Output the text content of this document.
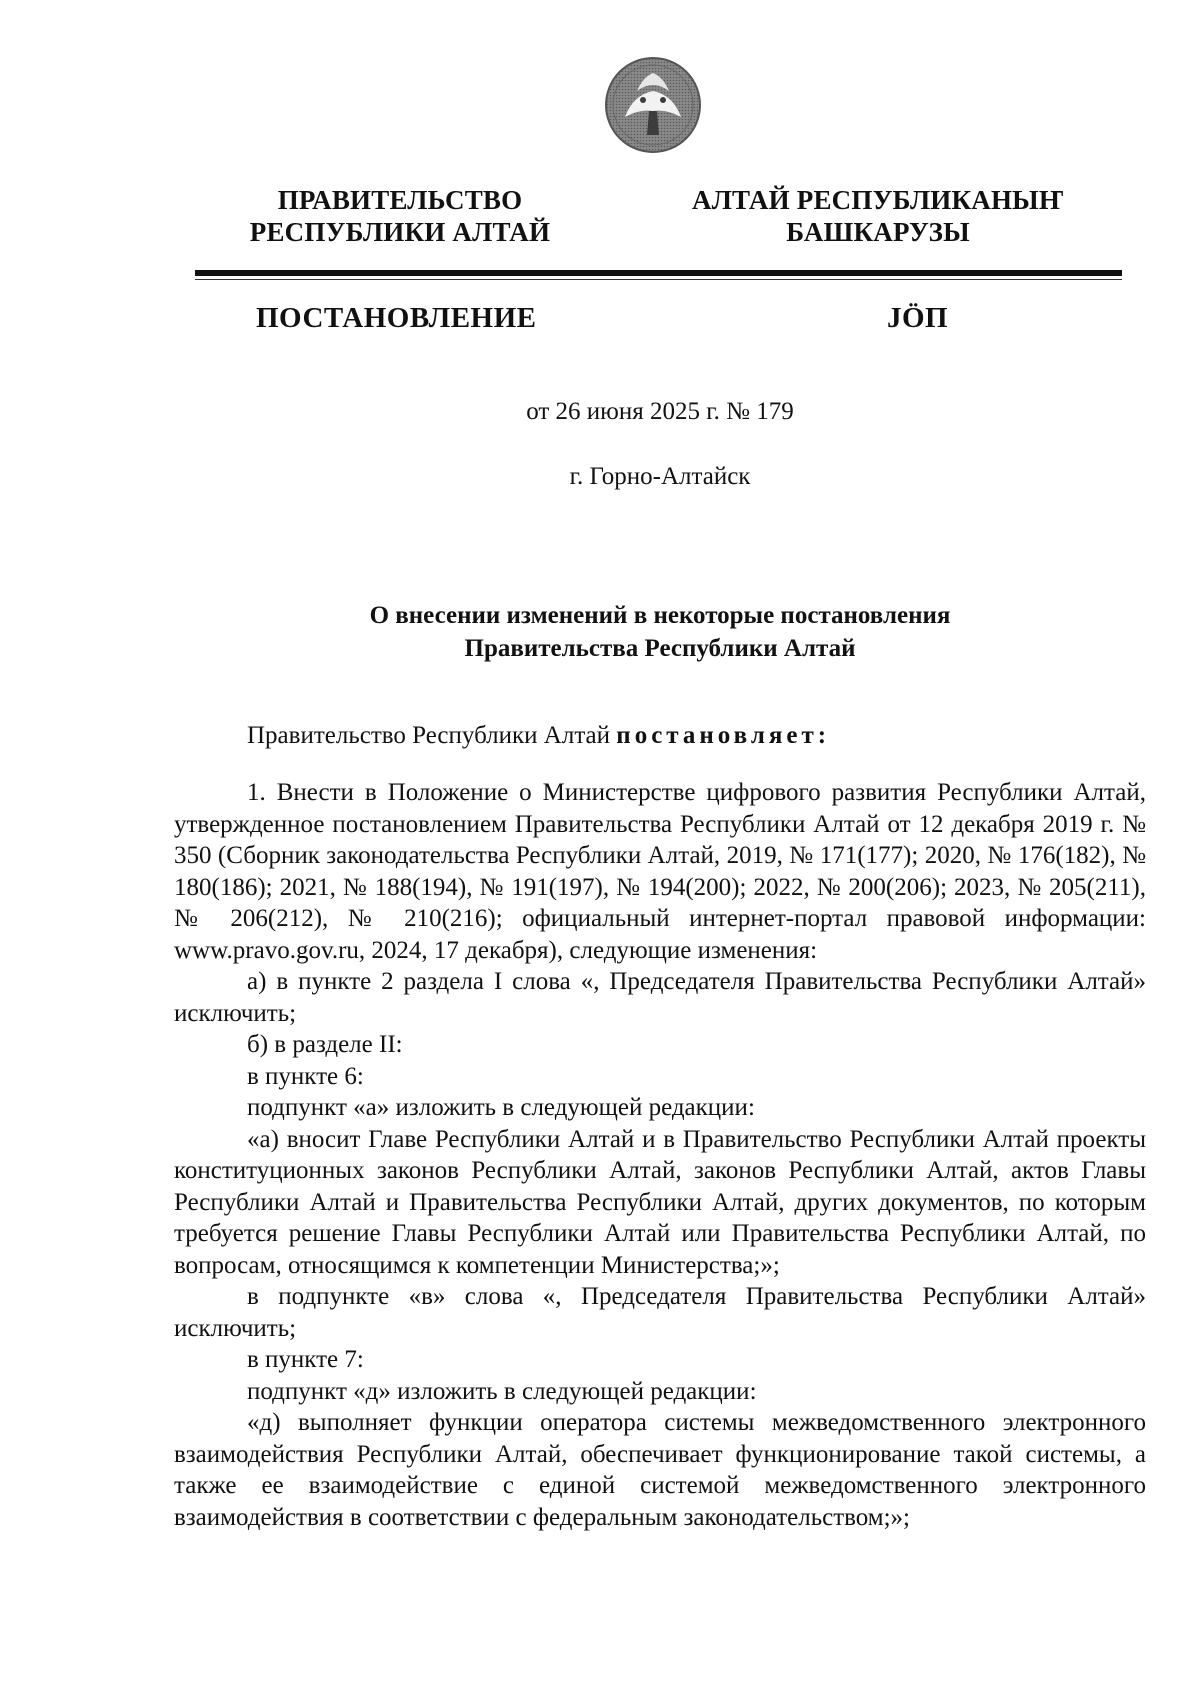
ПРАВИТЕЛЬСТВО
РЕСПУБЛИКИ АЛТАЙ
АЛТАЙ РЕСПУБЛИКАНЫҤ
БАШКАРУЗЫ
ПОСТАНОВЛЕНИЕ	JÖП
от 26 июня 2025 г. № 179
г. Горно-Алтайск
О внесении изменений в некоторые постановления
Правительства Республики Алтай
Правительство Республики Алтай постановляет:

1. Внести в Положение о Министерстве цифрового развития Республики Алтай, утвержденное постановлением Правительства Республики Алтай от 12 декабря 2019 г. № 350 (Сборник законодательства Республики Алтай, 2019, № 171(177); 2020, № 176(182), № 180(186); 2021, № 188(194), № 191(197), № 194(200); 2022, № 200(206); 2023, № 205(211), № 206(212), № 210(216); официальный интернет-портал правовой информации: www.pravo.gov.ru, 2024, 17 декабря), следующие изменения:

а) в пункте 2 раздела I слова «, Председателя Правительства Республики Алтай» исключить;

б) в разделе II:

в пункте 6:

подпункт «а» изложить в следующей редакции:

«а) вносит Главе Республики Алтай и в Правительство Республики Алтай проекты конституционных законов Республики Алтай, законов Республики Алтай, актов Главы Республики Алтай и Правительства Республики Алтай, других документов, по которым требуется решение Главы Республики Алтай или Правительства Республики Алтай, по вопросам, относящимся к компетенции Министерства;»;

в подпункте «в» слова «, Председателя Правительства Республики Алтай» исключить;

в пункте 7:

подпункт «д» изложить в следующей редакции:

«д) выполняет функции оператора системы межведомственного электронного взаимодействия Республики Алтай, обеспечивает функционирование такой системы, а также ее взаимодействие с единой системой межведомственного электронного взаимодействия в соответствии с федеральным законодательством;»;
